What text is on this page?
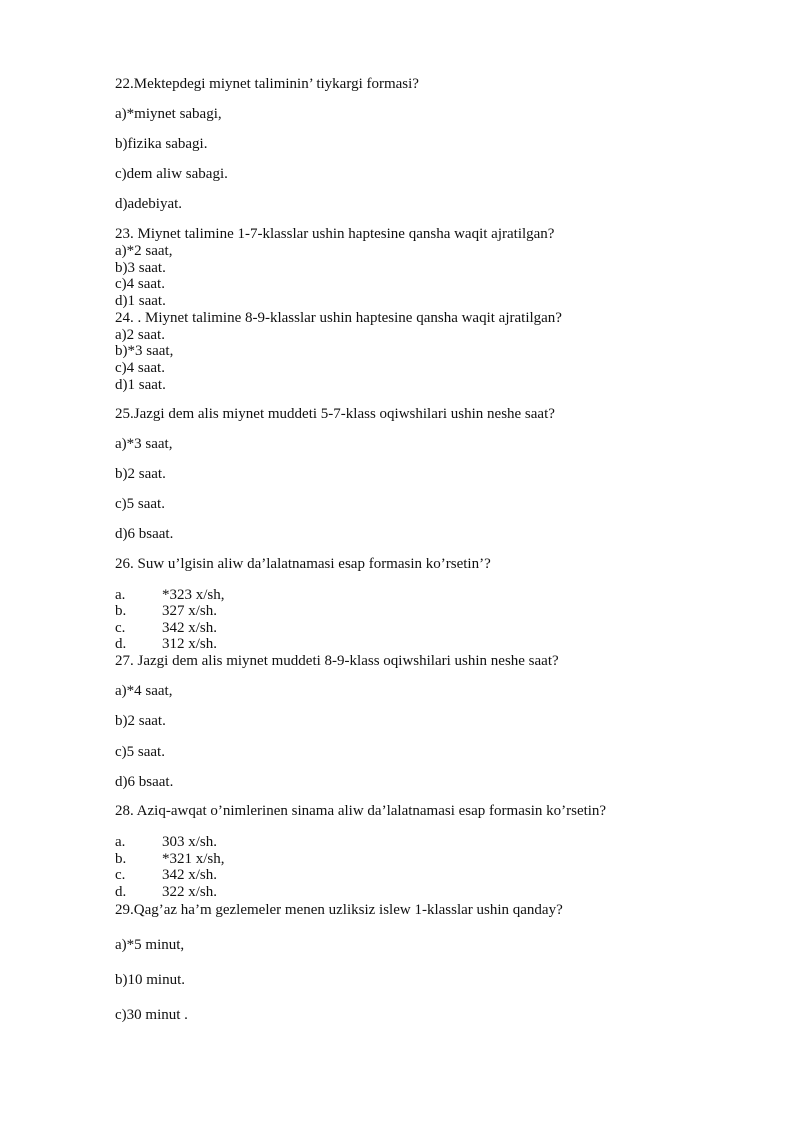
22.Mektepdegi miynet taliminin’ tiykargi formasi?
a)*miynet sabagi,
b)fizika sabagi.
c)dem aliw sabagi.
d)adebiyat.
23. Miynet talimine 1-7-klasslar ushin haptesine qansha waqit ajratilgan?
a)*2 saat,
b)3 saat.
c)4 saat.
d)1 saat.
24. . Miynet talimine 8-9-klasslar ushin haptesine qansha waqit ajratilgan?
a)2 saat.
b)*3 saat,
c)4 saat.
d)1 saat.
25.Jazgi dem alis miynet muddeti 5-7-klass oqiwshilari ushin neshe saat?
a)*3 saat,
b)2 saat.
c)5 saat.
d)6 bsaat.
26. Suw u’lgisin aliw da’lalatnamasi esap formasin ko’rsetin’?
a. *323 x/sh,
b. 327 x/sh.
c. 342 x/sh.
d. 312 x/sh.
27. Jazgi dem alis miynet muddeti 8-9-klass oqiwshilari ushin neshe saat?
a)*4 saat,
b)2 saat.
c)5 saat.
d)6 bsaat.
28. Aziq-awqat o’nimlerinen sinama aliw da’lalatnamasi esap formasin ko’rsetin?
a. 303 x/sh.
b. *321 x/sh,
c. 342 x/sh.
d. 322 x/sh.
29.Qag’az ha’m gezlemeler menen uzliksiz islew 1-klasslar ushin qanday?
a)*5 minut,
b)10 minut.
c)30 minut .
